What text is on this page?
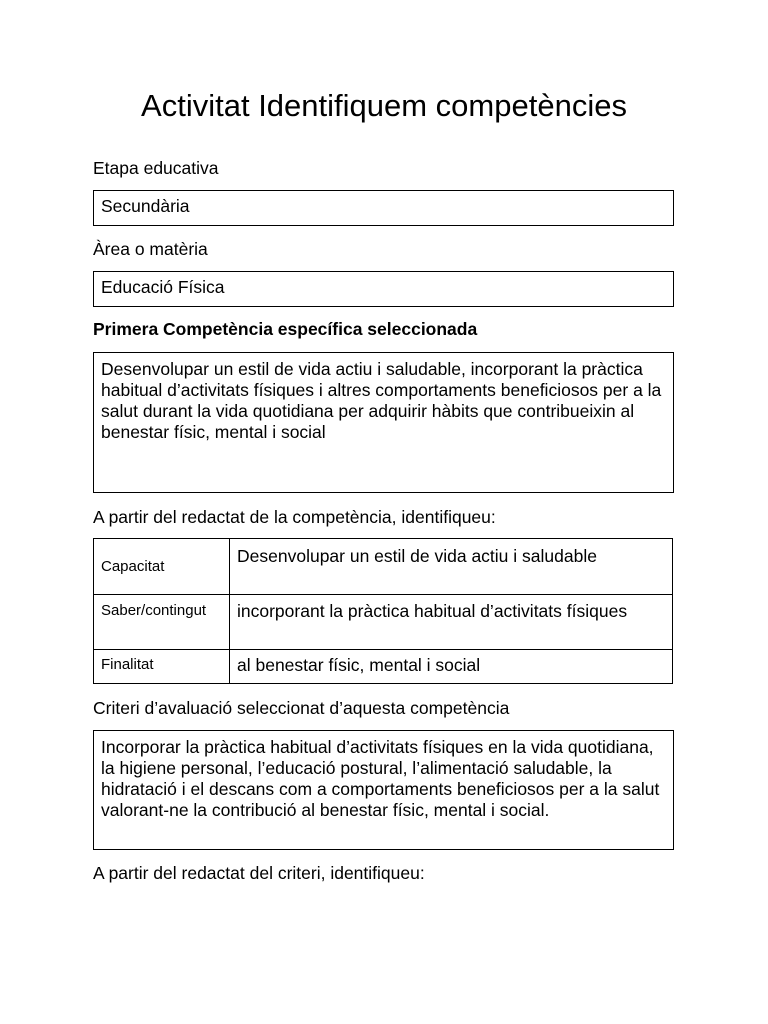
Activitat Identifiquem competències
Etapa educativa
Secundària
Àrea o matèria
Educació Física
Primera Competència específica seleccionada
Desenvolupar un estil de vida actiu i saludable, incorporant la pràctica habitual d’activitats físiques i altres comportaments beneficiosos per a la salut durant la vida quotidiana per adquirir hàbits que contribueixin al benestar físic, mental i social
A partir del redactat de la competència, identifiqueu:
Capacitat	Desenvolupar un estil de vida actiu i saludable
Saber/contingut	incorporant la pràctica habitual d’activitats físiques
Finalitat	al benestar físic, mental i social
Criteri d’avaluació seleccionat d’aquesta competència
Incorporar la pràctica habitual d’activitats físiques en la vida quotidiana, la higiene personal, l’educació postural, l’alimentació saludable, la hidratació i el descans com a comportaments beneficiosos per a la salut valorant-ne la contribució al benestar físic, mental i social.
A partir del redactat del criteri, identifiqueu:
